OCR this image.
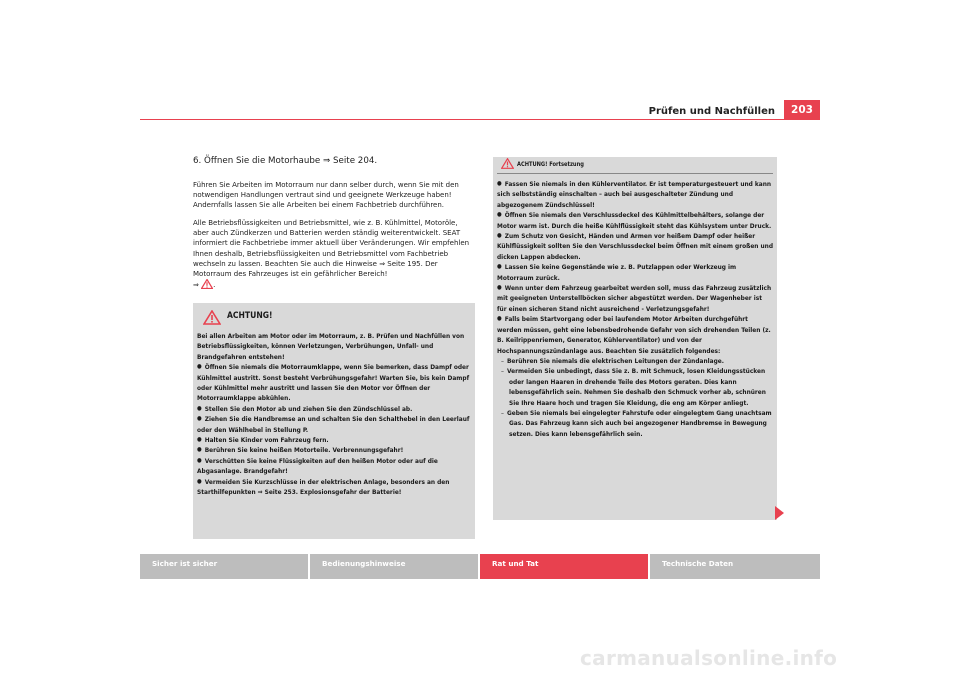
Prüfen und Nachfüllen	203
6. Öffnen Sie die Motorhaube ⇒ Seite 204.
Führen Sie Arbeiten im Motorraum nur dann selber durch, wenn Sie mit den notwendigen Handlungen vertraut sind und geeignete Werkzeuge haben! Andernfalls lassen Sie alle Arbeiten bei einem Fachbetrieb durchführen.
Alle Betriebsflüssigkeiten und Betriebsmittel, wie z. B. Kühlmittel, Motoröle, aber auch Zündkerzen und Batterien werden ständig weiterentwickelt. SEAT informiert die Fachbetriebe immer aktuell über Veränderungen. Wir empfehlen Ihnen deshalb, Betriebsflüssigkeiten und Betriebsmittel vom Fachbetrieb wechseln zu lassen. Beachten Sie auch die Hinweise ⇒ Seite 195. Der Motorraum des Fahrzeuges ist ein gefährlicher Bereich!
⇒ .
ACHTUNG!
Bei allen Arbeiten am Motor oder im Motorraum, z. B. Prüfen und Nachfüllen von Betriebsflüssigkeiten, können Verletzungen, Verbrühungen, Unfall- und Brandgefahren entstehen!
● Öffnen Sie niemals die Motorraumklappe, wenn Sie bemerken, dass Dampf oder Kühlmittel austritt. Sonst besteht Verbrühungsgefahr! Warten Sie, bis kein Dampf oder Kühlmittel mehr austritt und lassen Sie den Motor vor Öffnen der Motorraumklappe abkühlen.
● Stellen Sie den Motor ab und ziehen Sie den Zündschlüssel ab.
● Ziehen Sie die Handbremse an und schalten Sie den Schalthebel in den Leerlauf oder den Wählhebel in Stellung P.
● Halten Sie Kinder vom Fahrzeug fern.
● Berühren Sie keine heißen Motorteile. Verbrennungsgefahr!
● Verschütten Sie keine Flüssigkeiten auf den heißen Motor oder auf die Abgasanlage. Brandgefahr!
● Vermeiden Sie Kurzschlüsse in der elektrischen Anlage, besonders an den Starthilfepunkten ⇒ Seite 253. Explosionsgefahr der Batterie!
ACHTUNG! Fortsetzung
● Fassen Sie niemals in den Kühlerventilator. Er ist temperaturgesteuert und kann sich selbstständig einschalten – auch bei ausgeschalteter Zündung und abgezogenem Zündschlüssel!
● Öffnen Sie niemals den Verschlussdeckel des Kühlmittelbehälters, solange der Motor warm ist. Durch die heiße Kühlflüssigkeit steht das Kühlsystem unter Druck.
● Zum Schutz von Gesicht, Händen und Armen vor heißem Dampf oder heißer Kühlflüssigkeit sollten Sie den Verschlussdeckel beim Öffnen mit einem großen und dicken Lappen abdecken.
● Lassen Sie keine Gegenstände wie z. B. Putzlappen oder Werkzeug im Motorraum zurück.
● Wenn unter dem Fahrzeug gearbeitet werden soll, muss das Fahrzeug zusätzlich mit geeigneten Unterstellböcken sicher abgestützt werden. Der Wagenheber ist für einen sicheren Stand nicht ausreichend - Verletzungsgefahr!
● Falls beim Startvorgang oder bei laufendem Motor Arbeiten durchgeführt werden müssen, geht eine lebensbedrohende Gefahr von sich drehenden Teilen (z. B. Keilrippenriemen, Generator, Kühlerventilator) und von der Hochspannungszündanlage aus. Beachten Sie zusätzlich folgendes:
– Berühren Sie niemals die elektrischen Leitungen der Zündanlage.
– Vermeiden Sie unbedingt, dass Sie z. B. mit Schmuck, losen Kleidungsstücken oder langen Haaren in drehende Teile des Motors geraten. Dies kann lebensgefährlich sein. Nehmen Sie deshalb den Schmuck vorher ab, schnüren Sie Ihre Haare hoch und tragen Sie Kleidung, die eng am Körper anliegt.
– Geben Sie niemals bei eingelegter Fahrstufe oder eingelegtem Gang unachtsam Gas. Das Fahrzeug kann sich auch bei angezogener Handbremse in Bewegung setzen. Dies kann lebensgefährlich sein.
Sicher ist sicher	Bedienungshinweise	Rat und Tat	Technische Daten
carmanualsonline.info
